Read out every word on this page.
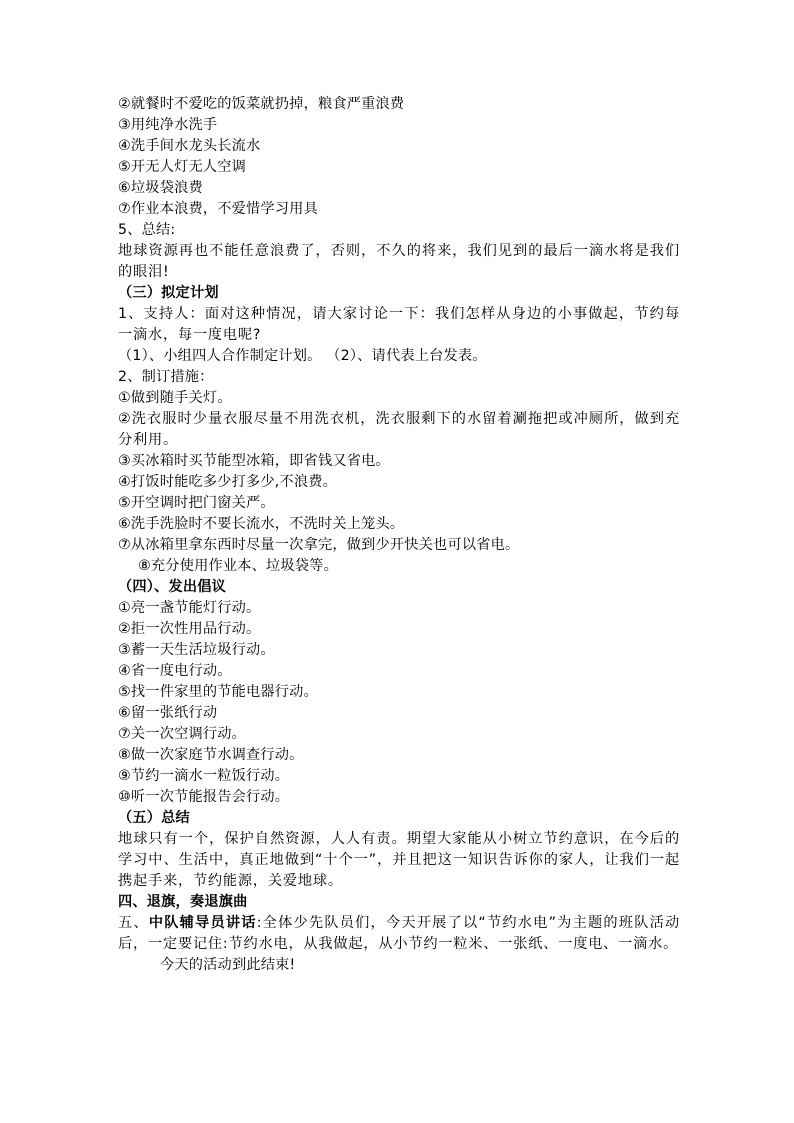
②就餐时不爱吃的饭菜就扔掉，粮食严重浪费
③用纯净水洗手
④洗手间水龙头长流水
⑤开无人灯无人空调
⑥垃圾袋浪费
⑦作业本浪费，不爱惜学习用具
5、总结:
地球资源再也不能任意浪费了，否则，不久的将来，我们见到的最后一滴水将是我们的眼泪!
（三）拟定计划
1、支持人：面对这种情况，请大家讨论一下：我们怎样从身边的小事做起，节约每一滴水，每一度电呢?
（1）、小组四人合作制定计划。 （2）、请代表上台发表。
2、制订措施：
①做到随手关灯。
②洗衣服时少量衣服尽量不用洗衣机，洗衣服剩下的水留着涮拖把或冲厕所，做到充分利用。
③买冰箱时买节能型冰箱，即省钱又省电。
④打饭时能吃多少打多少,不浪费。
⑤开空调时把门窗关严。
⑥洗手洗脸时不要长流水，不洗时关上笼头。
⑦从冰箱里拿东西时尽量一次拿完，做到少开快关也可以省电。
⑧充分使用作业本、垃圾袋等。
（四）、发出倡议
①亮一盏节能灯行动。
②拒一次性用品行动。
③蓄一天生活垃圾行动。
④省一度电行动。
⑤找一件家里的节能电器行动。
⑥留一张纸行动
⑦关一次空调行动。
⑧做一次家庭节水调查行动。
⑨节约一滴水一粒饭行动。
⑩听一次节能报告会行动。
（五）总结
地球只有一个，保护自然资源，人人有责。期望大家能从小树立节约意识，在今后的学习中、生活中，真正地做到“十个一”，并且把这一知识告诉你的家人，让我们一起携起手来，节约能源，关爱地球。
四、退旗，奏退旗曲
五、中队辅导员讲话:全体少先队员们，今天开展了以“节约水电”为主题的班队活动后，一定要记住:节约水电，从我做起，从小节约一粒米、一张纸、一度电、一滴水。
今天的活动到此结束!
